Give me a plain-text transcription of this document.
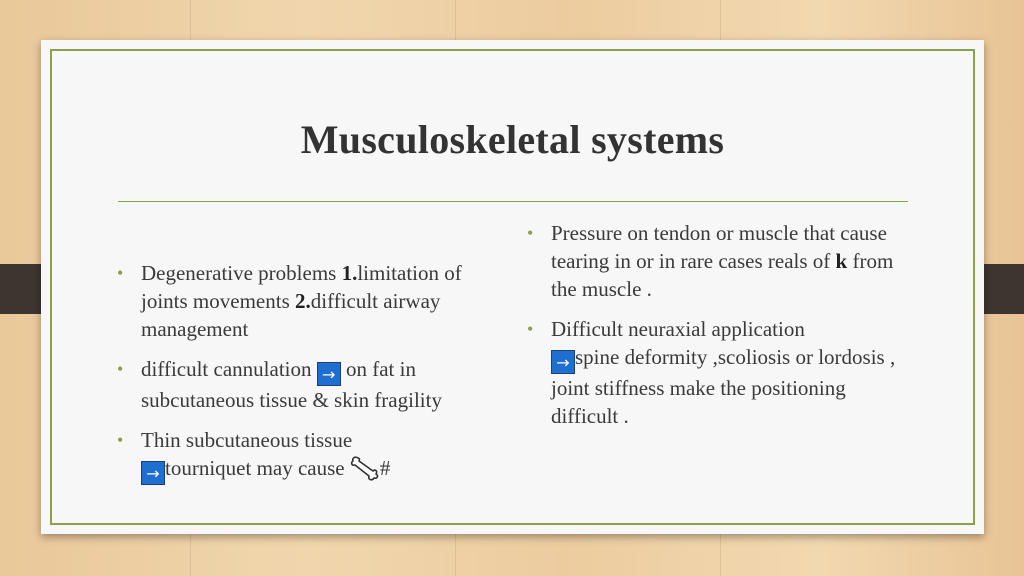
Musculoskeletal systems
• Degenerative problems 1.limitation of joints movements 2.difficult airway management
• difficult cannulation → on fat in subcutaneous tissue & skin fragility
• Thin subcutaneous tissue
→ tourniquet may cause #
• Pressure on tendon or muscle that cause tearing in or in rare cases reals of k from the muscle .
• Difficult neuraxial application
→ spine deformity ,scoliosis or lordosis , joint stiffness make the positioning difficult .
